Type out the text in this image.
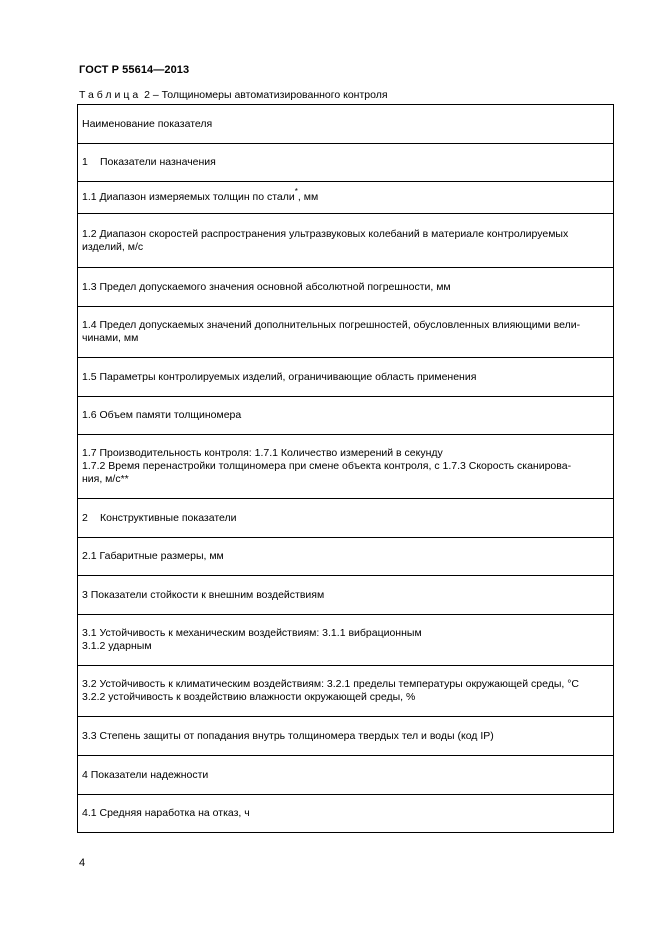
ГОСТ Р 55614—2013
Таблица 2 – Толщиномеры автоматизированного контроля
Наименование показателя
1 Показатели назначения
1.1 Диапазон измеряемых толщин по стали*, мм

1.2 Диапазон скоростей распространения ультразвуковых колебаний в материале контролируемых
изделий, м/с

1.3 Предел допускаемого значения основной абсолютной погрешности, мм

1.4 Предел допускаемых значений дополнительных погрешностей, обусловленных влияющими вели-
чинами, мм

1.5 Параметры контролируемых изделий, ограничивающие область применения
1.6 Объем памяти толщиномера

1.7 Производительность контроля: 1.7.1 Количество измерений в секунду
1.7.2 Время перенастройки толщиномера при смене объекта контроля, с 1.7.3 Скорость сканирова-
ния, м/с**

2 Конструктивные показатели
2.1 Габаритные размеры, мм
3 Показатели стойкости к внешним воздействиям

3.1 Устойчивость к механическим воздействиям: 3.1.1 вибрационным
3.1.2 ударным

3.2 Устойчивость к климатическим воздействиям: 3.2.1 пределы температуры окружающей среды, °С
3.2.2 устойчивость к воздействию влажности окружающей среды, %

3.3 Степень защиты от попадания внутрь толщиномера твердых тел и воды (код IP)
4 Показатели надежности
4.1 Средняя наработка на отказ, ч
4
